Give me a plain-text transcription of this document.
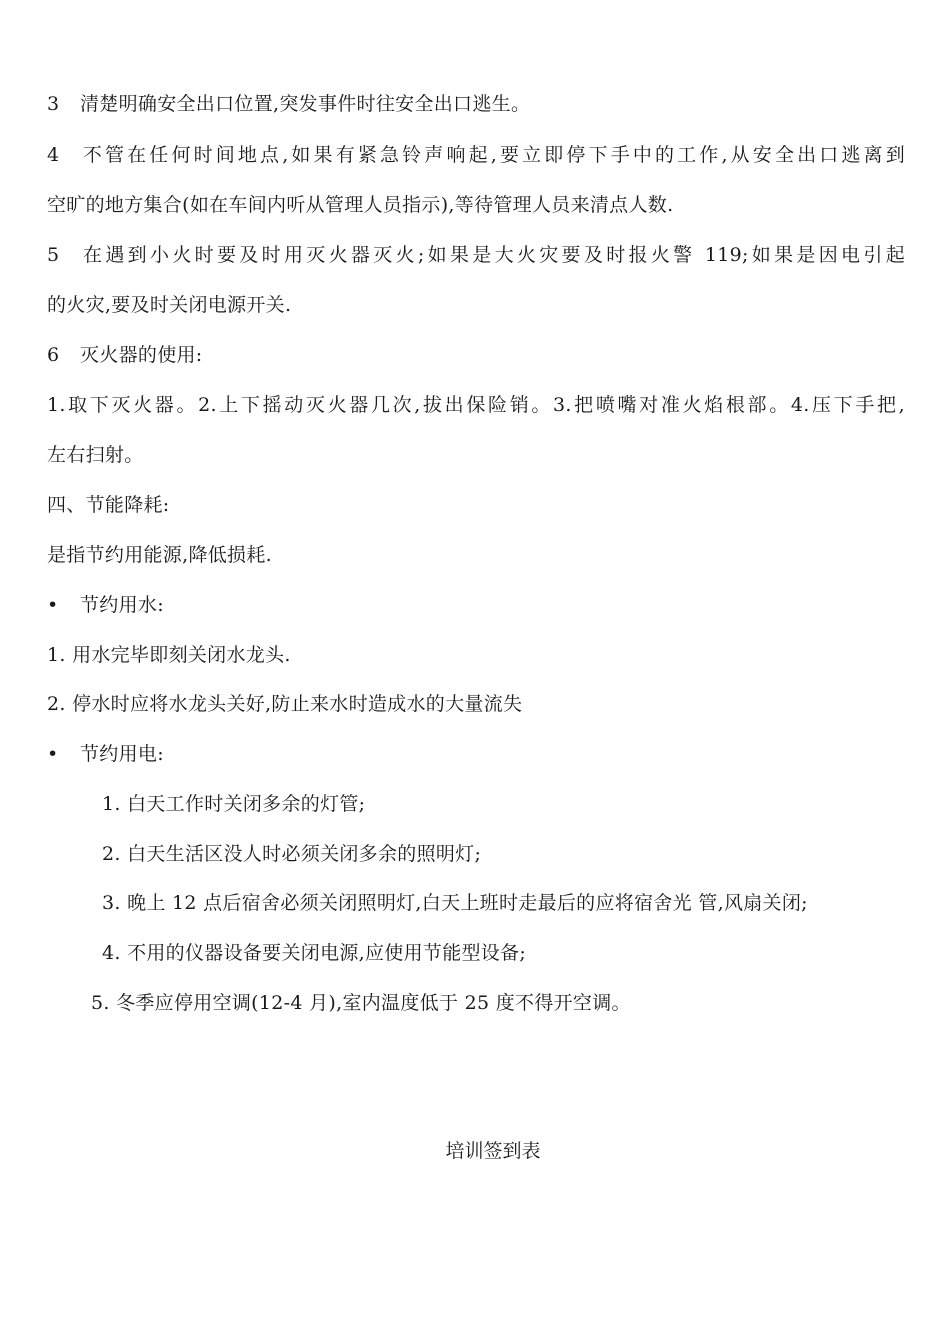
3 清楚明确安全出口位置,突发事件时往安全出口逃生。
4 不管在任何时间地点,如果有紧急铃声响起,要立即停下手中的工作,从安全出口逃离到
空旷的地方集合(如在车间内听从管理人员指示),等待管理人员来清点人数.
5 在遇到小火时要及时用灭火器灭火;如果是大火灾要及时报火警 119;如果是因电引起
的火灾,要及时关闭电源开关.
6 灭火器的使用:
1.取下灭火器。2.上下摇动灭火器几次,拔出保险销。3.把喷嘴对准火焰根部。4.压下手把,
左右扫射。
四、节能降耗:
是指节约用能源,降低损耗.
• 节约用水:
1. 用水完毕即刻关闭水龙头.
2. 停水时应将水龙头关好,防止来水时造成水的大量流失
• 节约用电:
1. 白天工作时关闭多余的灯管;
2. 白天生活区没人时必须关闭多余的照明灯;
3. 晚上 12 点后宿舍必须关闭照明灯,白天上班时走最后的应将宿舍光 管,风扇关闭;
4. 不用的仪器设备要关闭电源,应使用节能型设备;
5. 冬季应停用空调(12-4 月),室内温度低于 25 度不得开空调。
培训签到表
